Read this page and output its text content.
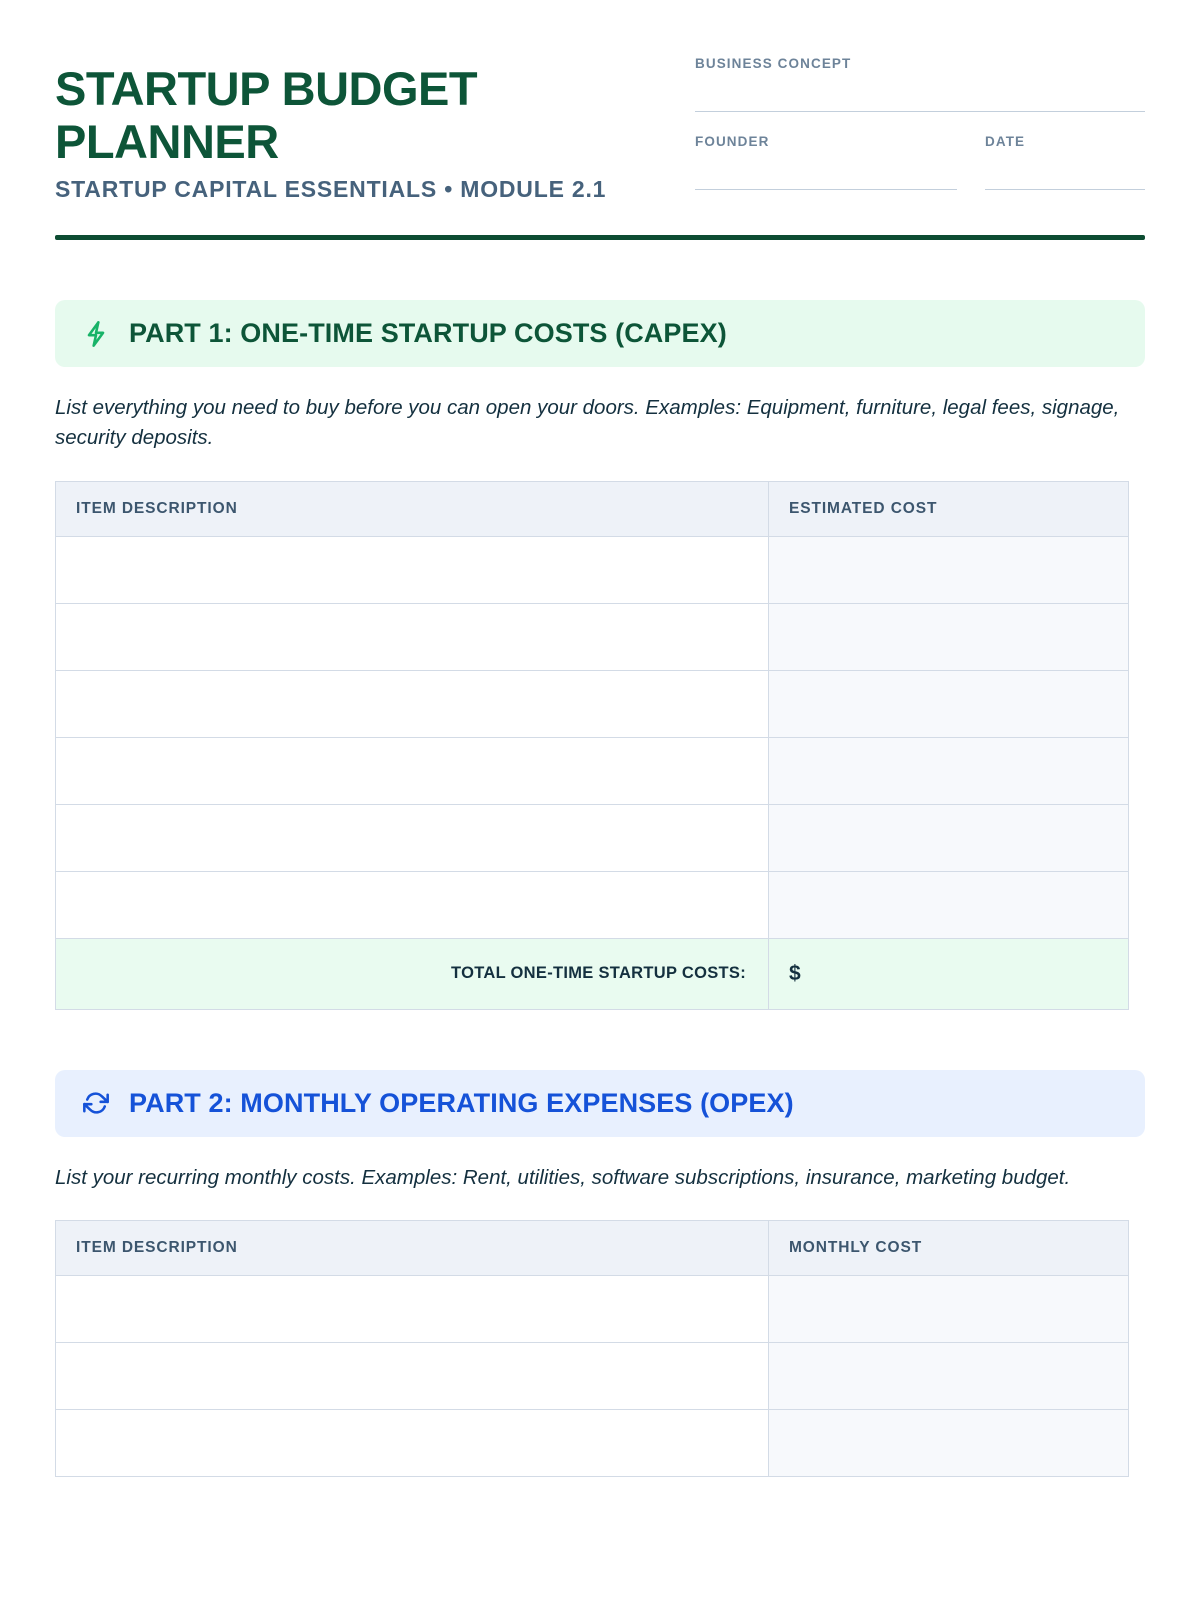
STARTUP BUDGET PLANNER
STARTUP CAPITAL ESSENTIALS • MODULE 2.1
BUSINESS CONCEPT
FOUNDER	DATE
PART 1: ONE-TIME STARTUP COSTS (CAPEX)
List everything you need to buy before you can open your doors. Examples: Equipment, furniture, legal fees, signage, security deposits.
ITEM DESCRIPTION	ESTIMATED COST

TOTAL ONE-TIME STARTUP COSTS:	$
PART 2: MONTHLY OPERATING EXPENSES (OPEX)
List your recurring monthly costs. Examples: Rent, utilities, software subscriptions, insurance, marketing budget.
ITEM DESCRIPTION	MONTHLY COST
